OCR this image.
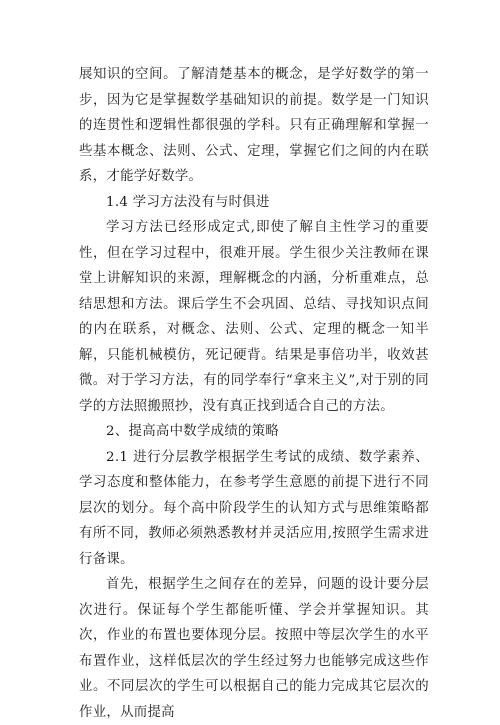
展知识的空间。了解清楚基本的概念，是学好数学的第一步，因为它是掌握数学基础知识的前提。数学是一门知识的连贯性和逻辑性都很强的学科。只有正确理解和掌握一些基本概念、法则、公式、定理，掌握它们之间的内在联系，才能学好数学。

1.4 学习方法没有与时俱进

学习方法已经形成定式,即使了解自主性学习的重要性，但在学习过程中，很难开展。学生很少关注教师在课堂上讲解知识的来源，理解概念的内涵，分析重难点，总结思想和方法。课后学生不会巩固、总结、寻找知识点间的内在联系，对概念、法则、公式、定理的概念一知半解，只能机械模仿，死记硬背。结果是事倍功半，收效甚微。对于学习方法，有的同学奉行“拿来主义”,对于别的同学的方法照搬照抄，没有真正找到适合自己的方法。

2、提高高中数学成绩的策略

2.1 进行分层教学根据学生考试的成绩、数学素养、学习态度和整体能力，在参考学生意愿的前提下进行不同层次的划分。每个高中阶段学生的认知方式与思维策略都有所不同，教师必须熟悉教材并灵活应用,按照学生需求进行备课。

首先，根据学生之间存在的差异，问题的设计要分层次进行。保证每个学生都能听懂、学会并掌握知识。其次，作业的布置也要体现分层。按照中等层次学生的水平布置作业，这样低层次的学生经过努力也能够完成这些作业。不同层次的学生可以根据自己的能力完成其它层次的作业，从而提高
